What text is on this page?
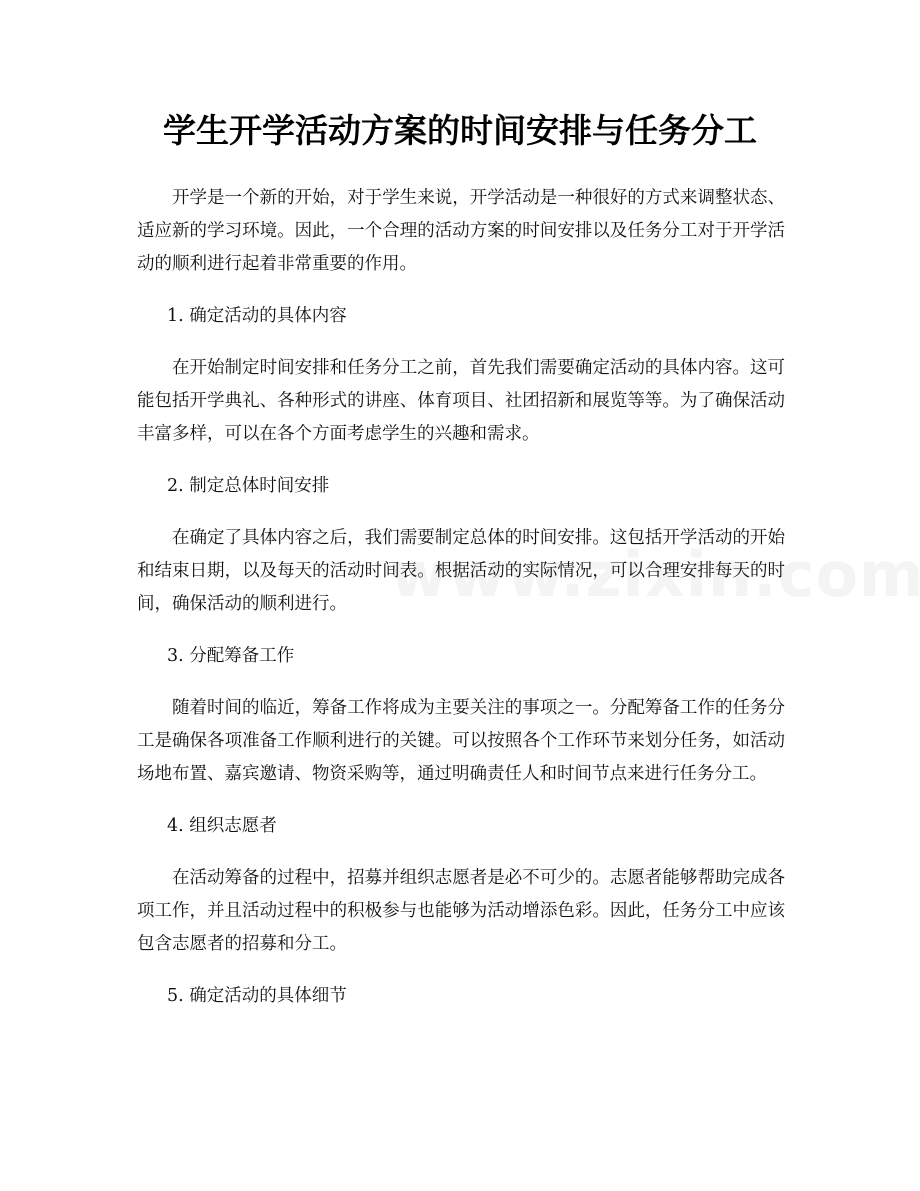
学生开学活动方案的时间安排与任务分工

开学是一个新的开始，对于学生来说，开学活动是一种很好的方式来调整状态、适应新的学习环境。因此，一个合理的活动方案的时间安排以及任务分工对于开学活动的顺利进行起着非常重要的作用。

1. 确定活动的具体内容

在开始制定时间安排和任务分工之前，首先我们需要确定活动的具体内容。这可能包括开学典礼、各种形式的讲座、体育项目、社团招新和展览等等。为了确保活动丰富多样，可以在各个方面考虑学生的兴趣和需求。

2. 制定总体时间安排

在确定了具体内容之后，我们需要制定总体的时间安排。这包括开学活动的开始和结束日期，以及每天的活动时间表。根据活动的实际情况，可以合理安排每天的时间，确保活动的顺利进行。

3. 分配筹备工作

随着时间的临近，筹备工作将成为主要关注的事项之一。分配筹备工作的任务分工是确保各项准备工作顺利进行的关键。可以按照各个工作环节来划分任务，如活动场地布置、嘉宾邀请、物资采购等，通过明确责任人和时间节点来进行任务分工。

4. 组织志愿者

在活动筹备的过程中，招募并组织志愿者是必不可少的。志愿者能够帮助完成各项工作，并且活动过程中的积极参与也能够为活动增添色彩。因此，任务分工中应该包含志愿者的招募和分工。

5. 确定活动的具体细节
